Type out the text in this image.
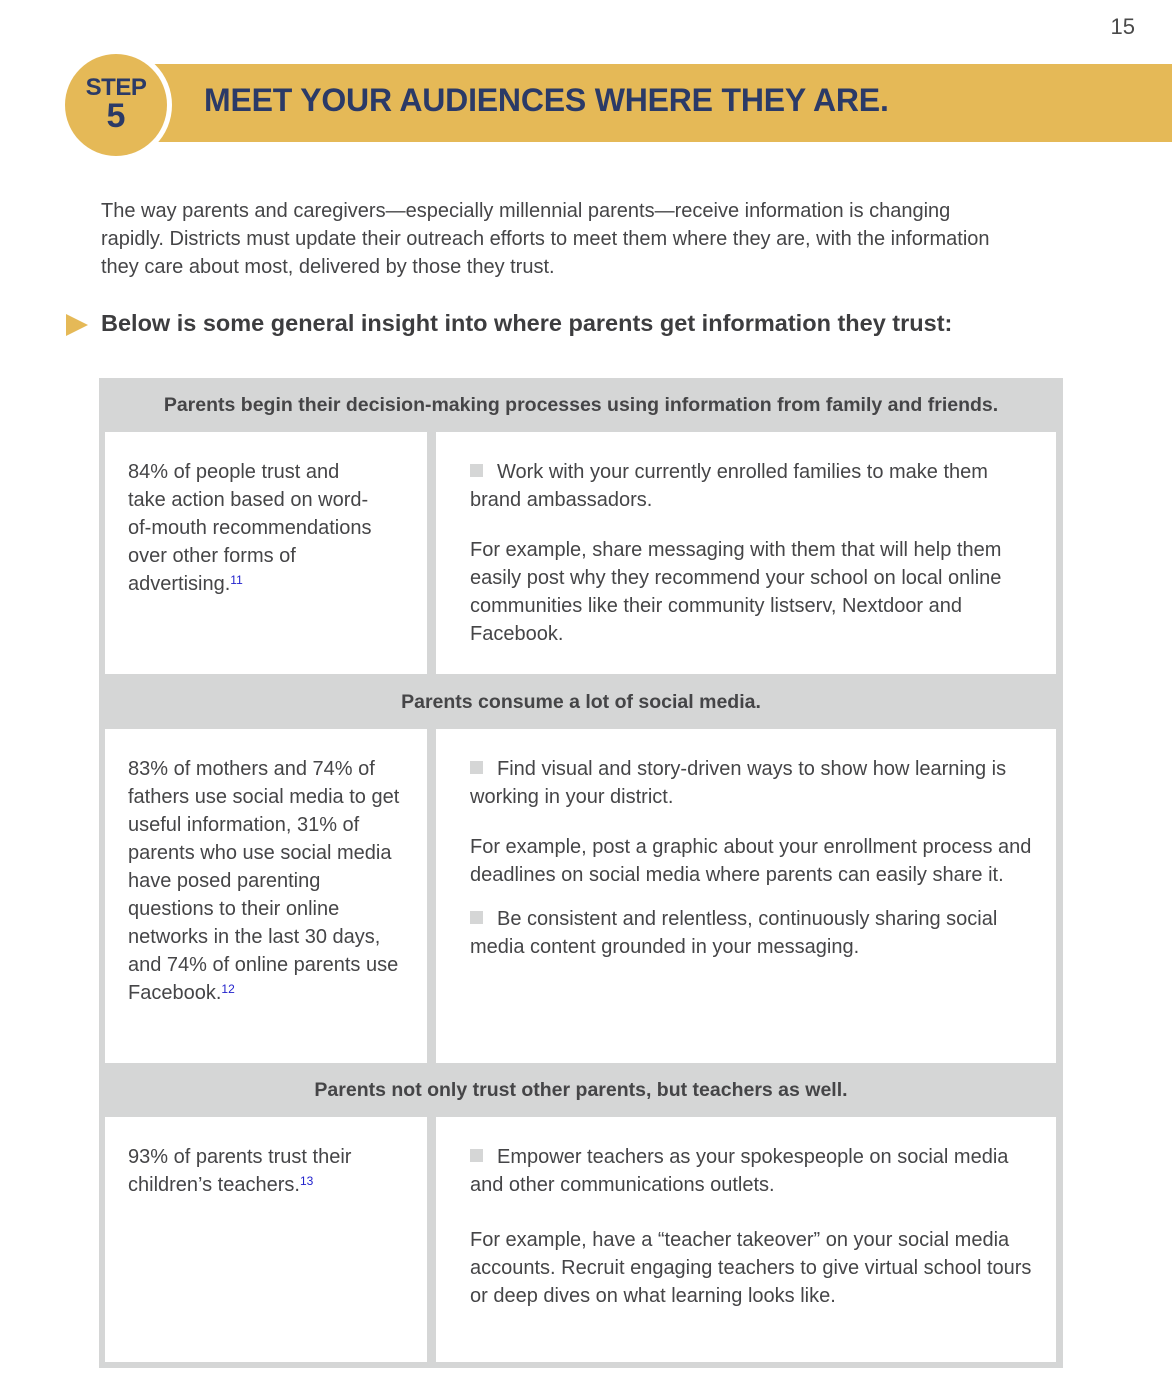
15
STEP
5	MEET YOUR AUDIENCES WHERE THEY ARE.

The way parents and caregivers—especially millennial parents—receive information is changing rapidly. Districts must update their outreach efforts to meet them where they are, with the information they care about most, delivered by those they trust.

Below is some general insight into where parents get information they trust:

Parents begin their decision-making processes using information from family and friends.

84% of people trust and take action based on word-of-mouth recommendations over other forms of advertising.$^{11}$

Work with your currently enrolled families to make them brand ambassadors.

For example, share messaging with them that will help them easily post why they recommend your school on local online communities like their community listserv, Nextdoor and Facebook.

Parents consume a lot of social media.

83% of mothers and 74% of fathers use social media to get useful information, 31% of parents who use social media have posed parenting questions to their online networks in the last 30 days, and 74% of online parents use Facebook.$^{12}$

Find visual and story-driven ways to show how learning is working in your district.

For example, post a graphic about your enrollment process and deadlines on social media where parents can easily share it.

Be consistent and relentless, continuously sharing social media content grounded in your messaging.

Parents not only trust other parents, but teachers as well.

93% of parents trust their children’s teachers.$^{13}$

Empower teachers as your spokespeople on social media and other communications outlets.

For example, have a “teacher takeover” on your social media accounts. Recruit engaging teachers to give virtual school tours or deep dives on what learning looks like.
